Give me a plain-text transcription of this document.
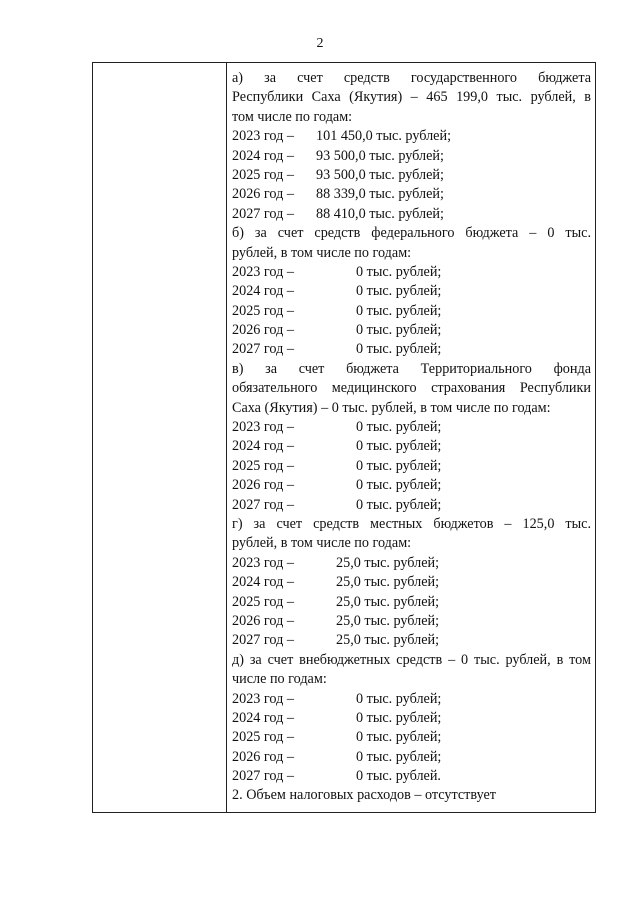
2
а) за счет средств государственного бюджета
Республики Саха (Якутия) – 465 199,0 тыс. рублей, в
том числе по годам:
2023 год – 101 450,0 тыс. рублей;
2024 год – 93 500,0 тыс. рублей;
2025 год – 93 500,0 тыс. рублей;
2026 год – 88 339,0 тыс. рублей;
2027 год – 88 410,0 тыс. рублей;
б) за счет средств федерального бюджета – 0 тыс.
рублей, в том числе по годам:
2023 год –	0 тыс. рублей;
2024 год –	0 тыс. рублей;
2025 год –	0 тыс. рублей;
2026 год –	0 тыс. рублей;
2027 год –	0 тыс. рублей;
в) за счет бюджета Территориального фонда
обязательного медицинского страхования Республики
Саха (Якутия) – 0 тыс. рублей, в том числе по годам:
2023 год –	0 тыс. рублей;
2024 год –	0 тыс. рублей;
2025 год –	0 тыс. рублей;
2026 год –	0 тыс. рублей;
2027 год –	0 тыс. рублей;
г) за счет средств местных бюджетов – 125,0 тыс.
рублей, в том числе по годам:
2023 год –	25,0 тыс. рублей;
2024 год –	25,0 тыс. рублей;
2025 год –	25,0 тыс. рублей;
2026 год –	25,0 тыс. рублей;
2027 год –	25,0 тыс. рублей;
д) за счет внебюджетных средств – 0 тыс. рублей, в том
числе по годам:
2023 год –	0 тыс. рублей;
2024 год –	0 тыс. рублей;
2025 год –	0 тыс. рублей;
2026 год –	0 тыс. рублей;
2027 год –	0 тыс. рублей.
2. Объем налоговых расходов – отсутствует
